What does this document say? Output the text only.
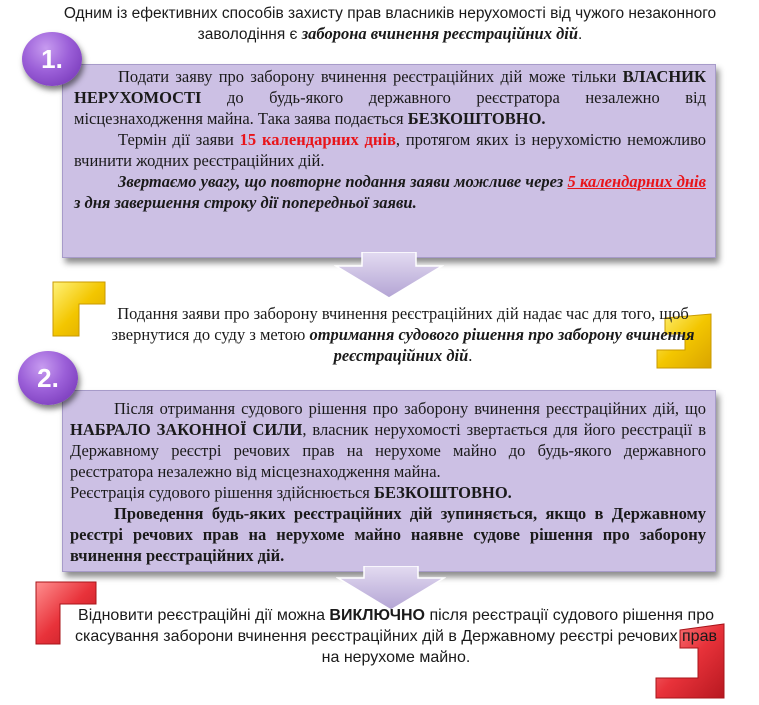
Одним із ефективних способів захисту прав власників нерухомості від чужого незаконного заволодіння є заборона вчинення реєстраційних дій.

Подати заяву про заборону вчинення реєстраційних дій може тільки ВЛАСНИК НЕРУХОМОСТІ до будь-якого державного реєстратора незалежно від місцезнаходження майна. Така заява подається БЕЗКОШТОВНО.

Термін дії заяви 15 календарних днів, протягом яких із нерухомістю неможливо вчинити жодних реєстраційних дій.

Звертаємо увагу, що повторне подання заяви можливе через 5 календарних днів з дня завершення строку дії попередньої заяви.

1.
Подання заяви про заборону вчинення реєстраційних дій надає час для того, щоб звернутися до суду з метою отримання судового рішення про заборону вчинення реєстраційних дій.

Після отримання судового рішення про заборону вчинення реєстраційних дій, що НАБРАЛО ЗАКОННОЇ СИЛИ, власник нерухомості звертається для його реєстрації в Державному реєстрі речових прав на нерухоме майно до будь-якого державного реєстратора незалежно від місцезнаходження майна.

Реєстрація судового рішення здійснюється БЕЗКОШТОВНО.

Проведення будь-яких реєстраційних дій зупиняється, якщо в Державному реєстрі речових прав на нерухоме майно наявне судове рішення про заборону вчинення реєстраційних дій.

2.
Відновити реєстраційні дії можна ВИКЛЮЧНО після реєстрації судового рішення про скасування заборони вчинення реєстраційних дій в Державному реєстрі речових прав на нерухоме майно.
